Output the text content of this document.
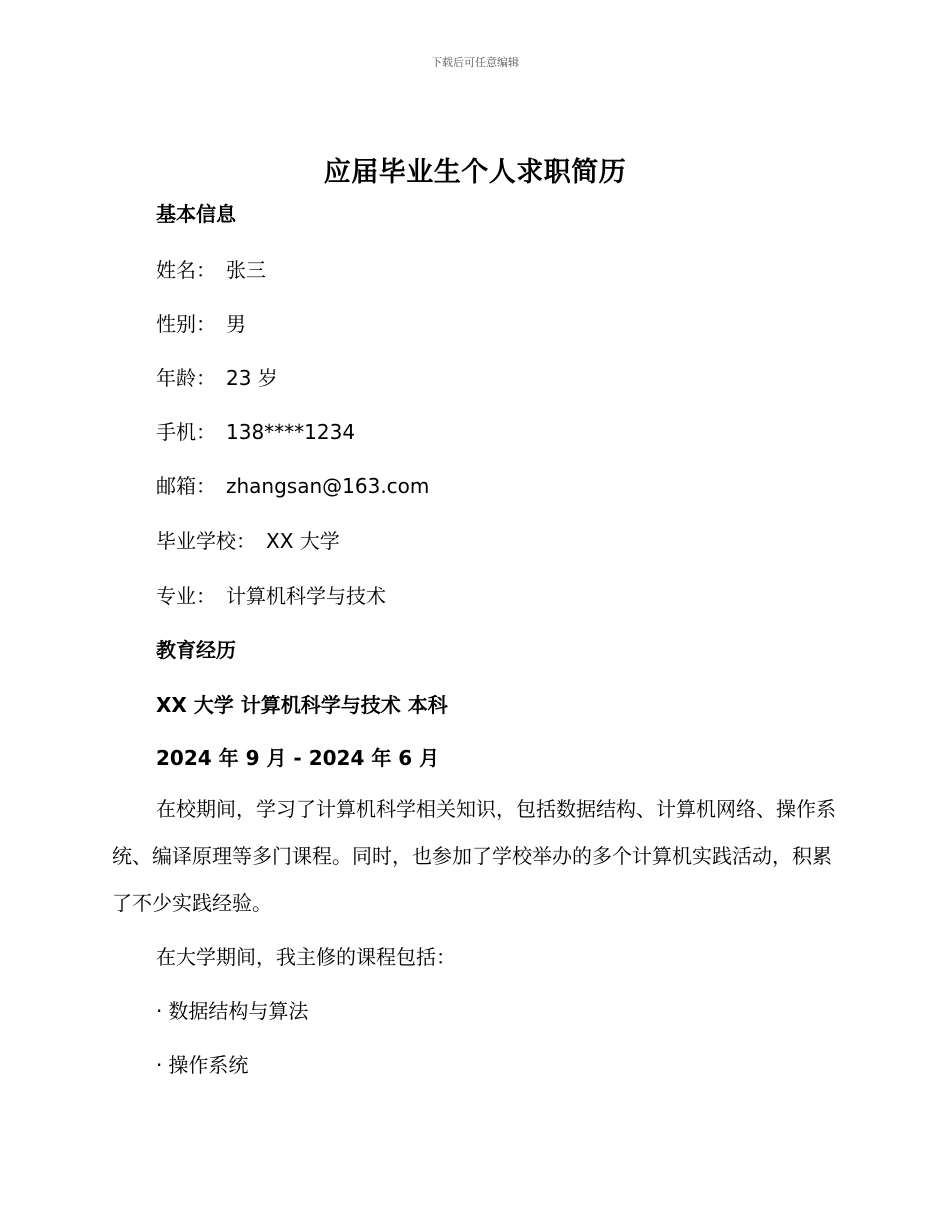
下载后可任意编辑
应届毕业生个人求职简历
基本信息
姓名： 张三
性别： 男
年龄： 23 岁
手机： 138****1234
邮箱： zhangsan@163.com
毕业学校： XX 大学
专业： 计算机科学与技术
教育经历
XX 大学 计算机科学与技术 本科
2024 年 9 月 - 2024 年 6 月

在校期间，学习了计算机科学相关知识，包括数据结构、计算机网络、操作系统、编译原理等多门课程。同时，也参加了学校举办的多个计算机实践活动，积累了不少实践经验。

在大学期间，我主修的课程包括：
· 数据结构与算法
· 操作系统
